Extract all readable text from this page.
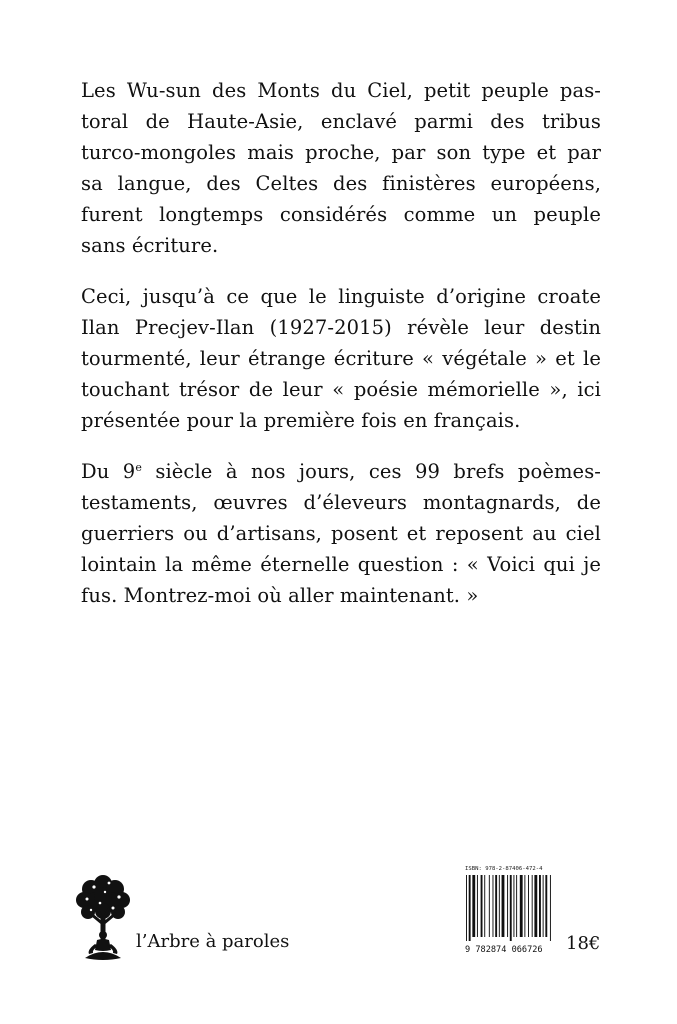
Les Wu-sun des Monts du Ciel, petit peuple pas-
toral de Haute-Asie, enclavé parmi des tribus
turco-mongoles mais proche, par son type et par
sa langue, des Celtes des finistères européens,
furent longtemps considérés comme un peuple
sans écriture.

Ceci, jusqu’à ce que le linguiste d’origine croate
Ilan Precjev-Ilan (1927-2015) révèle leur destin
tourmenté, leur étrange écriture « végétale » et le
touchant trésor de leur « poésie mémorielle », ici
présentée pour la première fois en français.

Du 9e siècle à nos jours, ces 99 brefs poèmes-
testaments, œuvres d’éleveurs montagnards, de
guerriers ou d’artisans, posent et reposent au ciel
lointain la même éternelle question : « Voici qui je
fus. Montrez-moi où aller maintenant. »

l’Arbre à paroles
ISBN: 978-2-87406-472-4
9 782874 066726	18€
